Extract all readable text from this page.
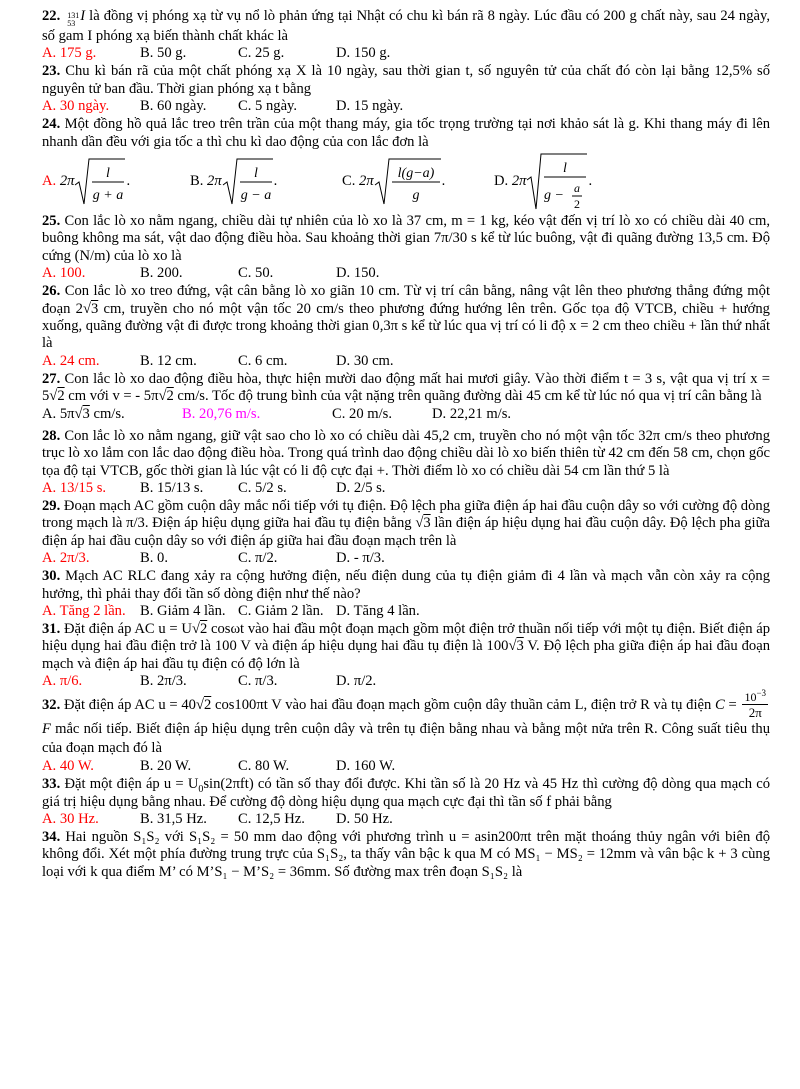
22. 131
53 I là đồng vị phóng xạ từ vụ nổ lò phản ứng tại Nhật có chu kì bán rã 8 ngày. Lúc đầu có 200 g chất này, sau 24 ngày, số gam I phóng xạ biến thành chất khác là

A. 175 g.	B. 50 g.	C. 25 g.	D. 150 g.

23. Chu kì bán rã của một chất phóng xạ X là 10 ngày, sau thời gian t, số nguyên tử của chất đó còn lại bằng 12,5% số nguyên tử ban đầu. Thời gian phóng xạ t bằng

A. 30 ngày.	B. 60 ngày.	C. 5 ngày.	D. 15 ngày.

24. Một đồng hồ quả lắc treo trên trần của một thang máy, gia tốc trọng trường tại nơi khảo sát là g. Khi thang máy đi lên nhanh dần đều với gia tốc a thì chu kì dao động của con lắc đơn là

A.
2π l
g + a
.	B.
2π l
g − a
.	C.
2π l(g−a)
g
.	D.
2π
l
g − a
2
.

25. Con lắc lò xo nằm ngang, chiều dài tự nhiên của lò xo là 37 cm, m = 1 kg, kéo vật đến vị trí lò xo có chiều dài 40 cm, buông không ma sát, vật dao động điều hòa. Sau khoảng thời gian 7π/30 s kể từ lúc buông, vật đi quãng đường 13,5 cm. Độ cứng (N/m) của lò xo là

A. 100.	B. 200.	C. 50.	D. 150.

26. Con lắc lò xo treo đứng, vật cân bằng lò xo giãn 10 cm. Từ vị trí cân bằng, nâng vật lên theo phương thẳng đứng một đoạn 2√3 cm, truyền cho nó một vận tốc 20 cm/s theo phương đứng hướng lên trên. Gốc tọa độ VTCB, chiều + hướng xuống, quãng đường vật đi được trong khoảng thời gian 0,3π s kể từ lúc qua vị trí có li độ x = 2 cm theo chiều + lần thứ nhất là

A. 24 cm.	B. 12 cm.	C. 6 cm.	D. 30 cm.

27. Con lắc lò xo dao động điều hòa, thực hiện mười dao động mất hai mươi giây. Vào thời điểm t = 3 s, vật qua vị trí x = 5√2 cm với v = - 5π√2 cm/s. Tốc độ trung bình của vật nặng trên quãng đường dài 45 cm kể từ lúc nó qua vị trí cân bằng là

A. 5π√3 cm/s.	B. 20,76 m/s.	C. 20 m/s.	D. 22,21 m/s.

28. Con lắc lò xo nằm ngang, giữ vật sao cho lò xo có chiều dài 45,2 cm, truyền cho nó một vận tốc 32π cm/s theo phương trục lò xo lắm con lắc dao động điều hòa. Trong quá trình dao động chiều dài lò xo biến thiên từ 42 cm đến 58 cm, chọn gốc tọa độ tại VTCB, gốc thời gian là lúc vật có li độ cực đại +. Thời điểm lò xo có chiều dài 54 cm lần thứ 5 là

A. 13/15 s.	B. 15/13 s.	C. 5/2 s.	D. 2/5 s.

29. Đoạn mạch AC gồm cuộn dây mắc nối tiếp với tụ điện. Độ lệch pha giữa điện áp hai đầu cuộn dây so với cường độ dòng trong mạch là π/3. Điện áp hiệu dụng giữa hai đầu tụ điện bằng √3 lần điện áp hiệu dụng hai đầu cuộn dây. Độ lệch pha giữa điện áp hai đầu cuộn dây so với điện áp giữa hai đầu đoạn mạch trên là

A. 2π/3.	B. 0.	C. π/2.	D. - π/3.

30. Mạch AC RLC đang xảy ra cộng hưởng điện, nếu điện dung của tụ điện giảm đi 4 lần và mạch vẫn còn xảy ra cộng hưởng, thì phải thay đổi tần số dòng điện như thế nào?

A. Tăng 2 lần. B. Giảm 4 lần. C. Giảm 2 lần. D. Tăng 4 lần.

31. Đặt điện áp AC u = U√2 cosωt vào hai đầu một đoạn mạch gồm một điện trở thuần nối tiếp với một tụ điện. Biết điện áp hiệu dụng hai đầu điện trở là 100 V và điện áp hiệu dụng hai đầu tụ điện là 100√3 V. Độ lệch pha giữa điện áp hai đầu đoạn mạch và điện áp hai đầu tụ điện có độ lớn là

A. π/6.	B. 2π/3.	C. π/3.	D. π/2.

32. Đặt điện áp AC u = 40√2 cos100πt V vào hai đầu đoạn mạch gồm cuộn dây thuần cảm L, điện trở R và tụ điện $C = \frac{10^{-3}}{2\pi}$
F mắc nối tiếp. Biết điện áp hiệu dụng trên cuộn dây và trên tụ điện bằng nhau và bằng một nửa trên R. Công suất tiêu thụ của đoạn mạch đó là

A. 40 W.	B. 20 W.	C. 80 W.	D. 160 W.

33. Đặt một điện áp $u = U_0\sin(2\pi ft)$ có tần số thay đổi được. Khi tần số là 20 Hz và 45 Hz thì cường độ dòng qua mạch có giá trị hiệu dụng bằng nhau. Để cường độ dòng hiệu dụng qua mạch cực đại thì tần số f phải bằng

A. 30 Hz.	B. 31,5 Hz.	C. 12,5 Hz.	D. 50 Hz.

34. Hai nguồn S₁S₂ với S₁S₂ = 50 mm dao động với phương trình u = asin200πt trên mặt thoáng thủy ngân với biên độ không đổi. Xét một phía đường trung trực của S₁S₂, ta thấy vân bậc k qua M có MS₁ − MS₂ = 12mm và vân bậc k + 3 cùng loại với k qua điểm M’ có M’S₁ − M’S₂ = 36mm. Số đường max trên đoạn S₁S₂ là
